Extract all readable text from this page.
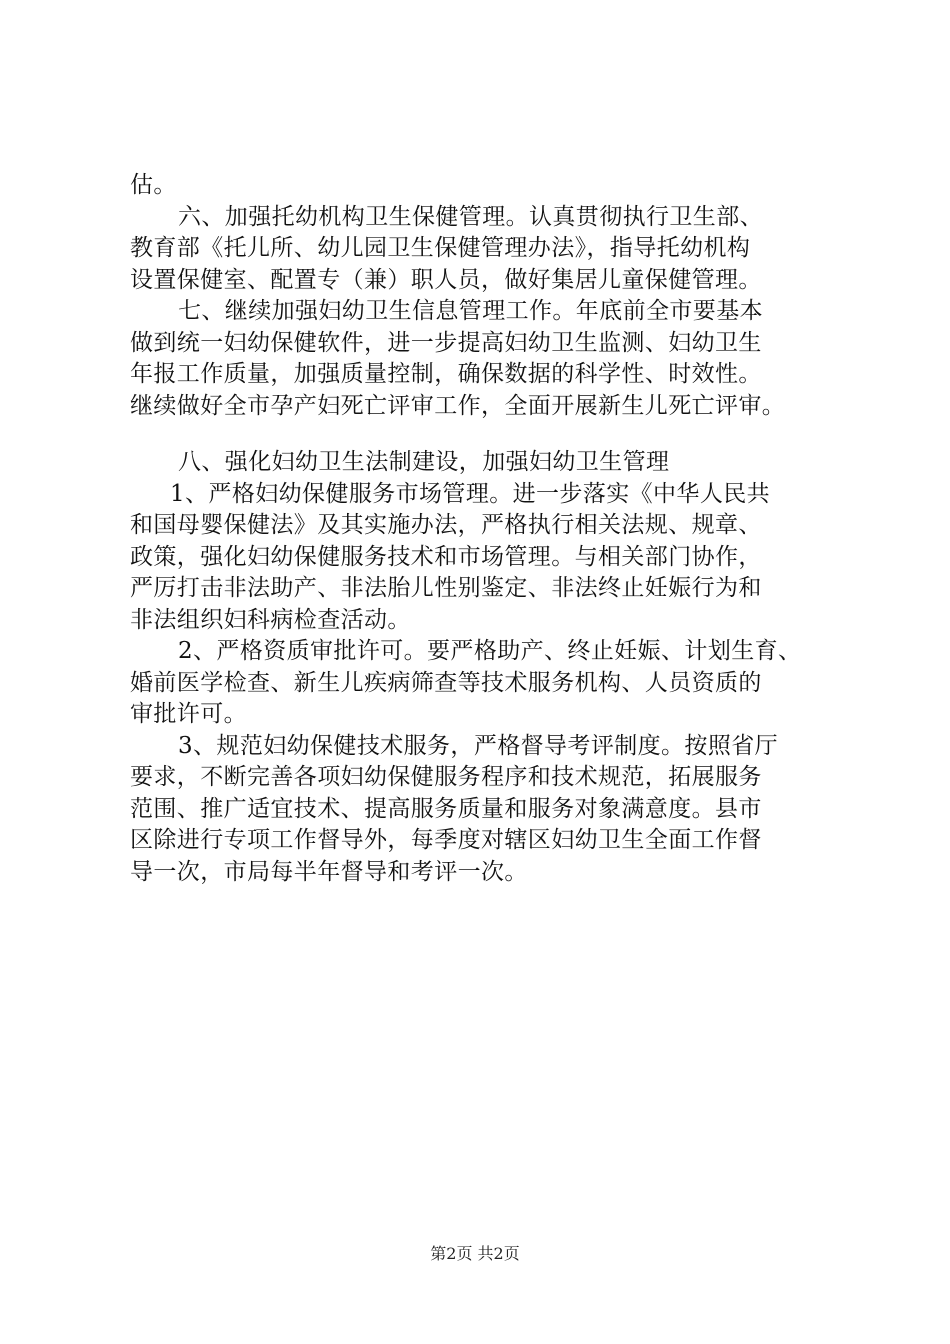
估。
六、加强托幼机构卫生保健管理。认真贯彻执行卫生部、
教育部《托儿所、幼儿园卫生保健管理办法》，指导托幼机构
设置保健室、配置专（兼）职人员，做好集居儿童保健管理。
七、继续加强妇幼卫生信息管理工作。年底前全市要基本
做到统一妇幼保健软件，进一步提高妇幼卫生监测、妇幼卫生
年报工作质量，加强质量控制，确保数据的科学性、时效性。
继续做好全市孕产妇死亡评审工作，全面开展新生儿死亡评审。
八、强化妇幼卫生法制建设，加强妇幼卫生管理
1、严格妇幼保健服务市场管理。进一步落实《中华人民共
和国母婴保健法》及其实施办法，严格执行相关法规、规章、
政策，强化妇幼保健服务技术和市场管理。与相关部门协作，
严厉打击非法助产、非法胎儿性别鉴定、非法终止妊娠行为和
非法组织妇科病检查活动。
2、严格资质审批许可。要严格助产、终止妊娠、计划生育、
婚前医学检查、新生儿疾病筛查等技术服务机构、人员资质的
审批许可。
3、规范妇幼保健技术服务，严格督导考评制度。按照省厅
要求，不断完善各项妇幼保健服务程序和技术规范，拓展服务
范围、推广适宜技术、提高服务质量和服务对象满意度。县市
区除进行专项工作督导外，每季度对辖区妇幼卫生全面工作督
导一次，市局每半年督导和考评一次。
第2页 共2页
